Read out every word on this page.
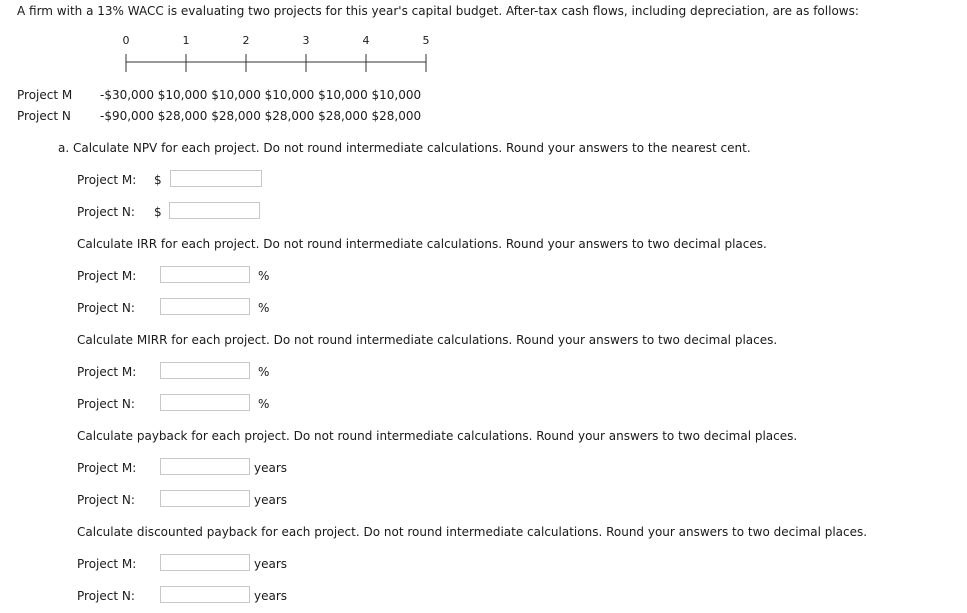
A firm with a 13% WACC is evaluating two projects for this year's capital budget. After-tax cash flows, including depreciation, are as follows:
0	1	2	3	4	5
Project M -$30,000 $10,000 $10,000 $10,000 $10,000 $10,000
Project N -$90,000 $28,000 $28,000 $28,000 $28,000 $28,000
a. Calculate NPV for each project. Do not round intermediate calculations. Round your answers to the nearest cent.
Project M: $
Project N: $
Calculate IRR for each project. Do not round intermediate calculations. Round your answers to two decimal places.
Project M:	%
Project N:	%
Calculate MIRR for each project. Do not round intermediate calculations. Round your answers to two decimal places.
Project M:	%
Project N:	%
Calculate payback for each project. Do not round intermediate calculations. Round your answers to two decimal places.
Project M:	years
Project N:	years
Calculate discounted payback for each project. Do not round intermediate calculations. Round your answers to two decimal places.
Project M:	years
Project N:	years
